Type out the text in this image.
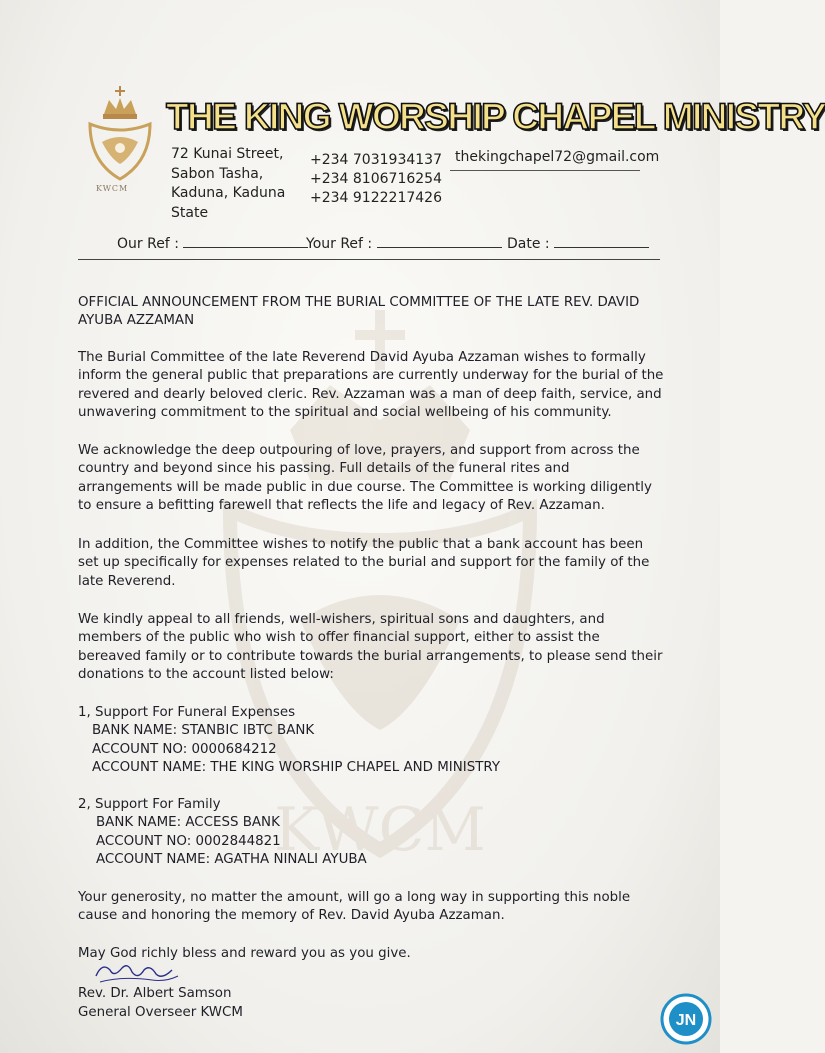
KWCM
KWCM
THE KING WORSHIP CHAPEL MINISTRY
72 Kunai Street,
Sabon Tasha,
Kaduna, Kaduna
State
+234 7031934137
+234 8106716254
+234 9122217426
thekingchapel72@gmail.com
Our Ref :	Your Ref :	Date :

OFFICIAL ANNOUNCEMENT FROM THE BURIAL COMMITTEE OF THE LATE REV. DAVID

AYUBA AZZAMAN

The Burial Committee of the late Reverend David Ayuba Azzaman wishes to formally inform the general public that preparations are currently underway for the burial of the revered and dearly beloved cleric. Rev. Azzaman was a man of deep faith, service, and unwavering commitment to the spiritual and social wellbeing of his community.

We acknowledge the deep outpouring of love, prayers, and support from across the country and beyond since his passing. Full details of the funeral rites and arrangements will be made public in due course. The Committee is working diligently to ensure a befitting farewell that reflects the life and legacy of Rev. Azzaman.

In addition, the Committee wishes to notify the public that a bank account has been set up specifically for expenses related to the burial and support for the family of the late Reverend.

We kindly appeal to all friends, well-wishers, spiritual sons and daughters, and members of the public who wish to offer financial support, either to assist the bereaved family or to contribute towards the burial arrangements, to please send their donations to the account listed below:

1, Support For Funeral Expenses
BANK NAME: STANBIC IBTC BANK
ACCOUNT NO: 0000684212
ACCOUNT NAME: THE KING WORSHIP CHAPEL AND MINISTRY
2, Support For Family
BANK NAME: ACCESS BANK
ACCOUNT NO: 0002844821
ACCOUNT NAME: AGATHA NINALI AYUBA

Your generosity, no matter the amount, will go a long way in supporting this noble cause and honoring the memory of Rev. David Ayuba Azzaman.

May God richly bless and reward you as you give.

Rev. Dr. Albert Samson
General Overseer KWCM	JN
